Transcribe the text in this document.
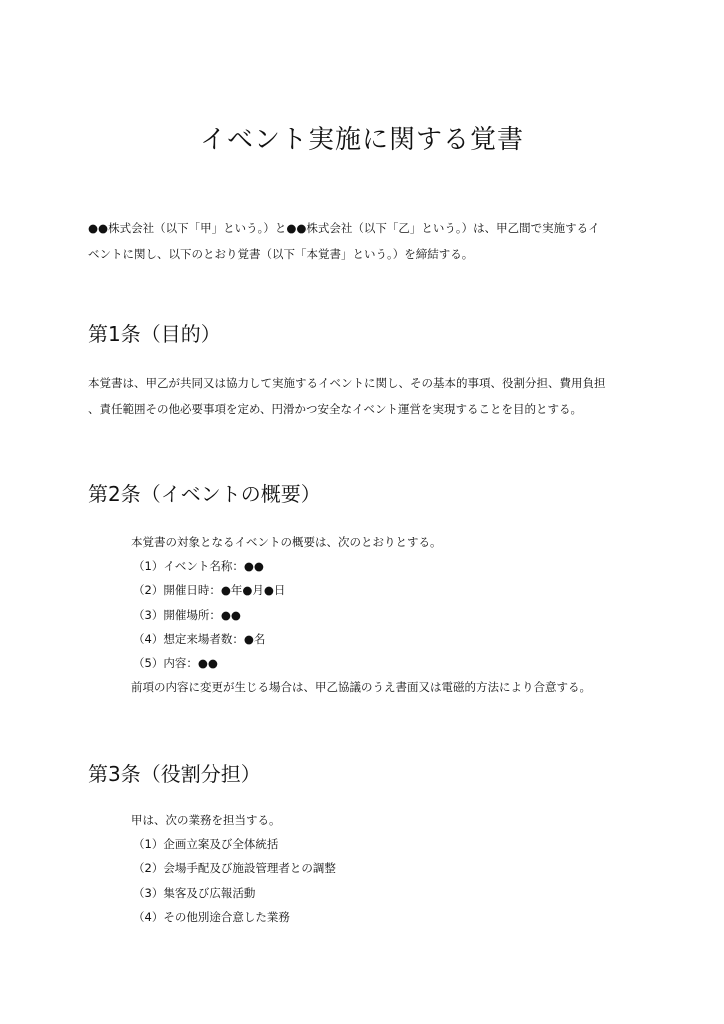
イベント実施に関する覚書
●●株式会社（以下「甲」という。）と●●株式会社（以下「乙」という。）は、甲乙間で実施するイ
ベントに関し、以下のとおり覚書（以下「本覚書」という。）を締結する。
第1条（目的）
本覚書は、甲乙が共同又は協力して実施するイベントに関し、その基本的事項、役割分担、費用負担
、責任範囲その他必要事項を定め、円滑かつ安全なイベント運営を実現することを目的とする。
第2条（イベントの概要）
本覚書の対象となるイベントの概要は、次のとおりとする。
（1）イベント名称：●●
（2）開催日時：●年●月●日
（3）開催場所：●●
（4）想定来場者数：●名
（5）内容：●●
前項の内容に変更が生じる場合は、甲乙協議のうえ書面又は電磁的方法により合意する。
第3条（役割分担）
甲は、次の業務を担当する。
（1）企画立案及び全体統括
（2）会場手配及び施設管理者との調整
（3）集客及び広報活動
（4）その他別途合意した業務
